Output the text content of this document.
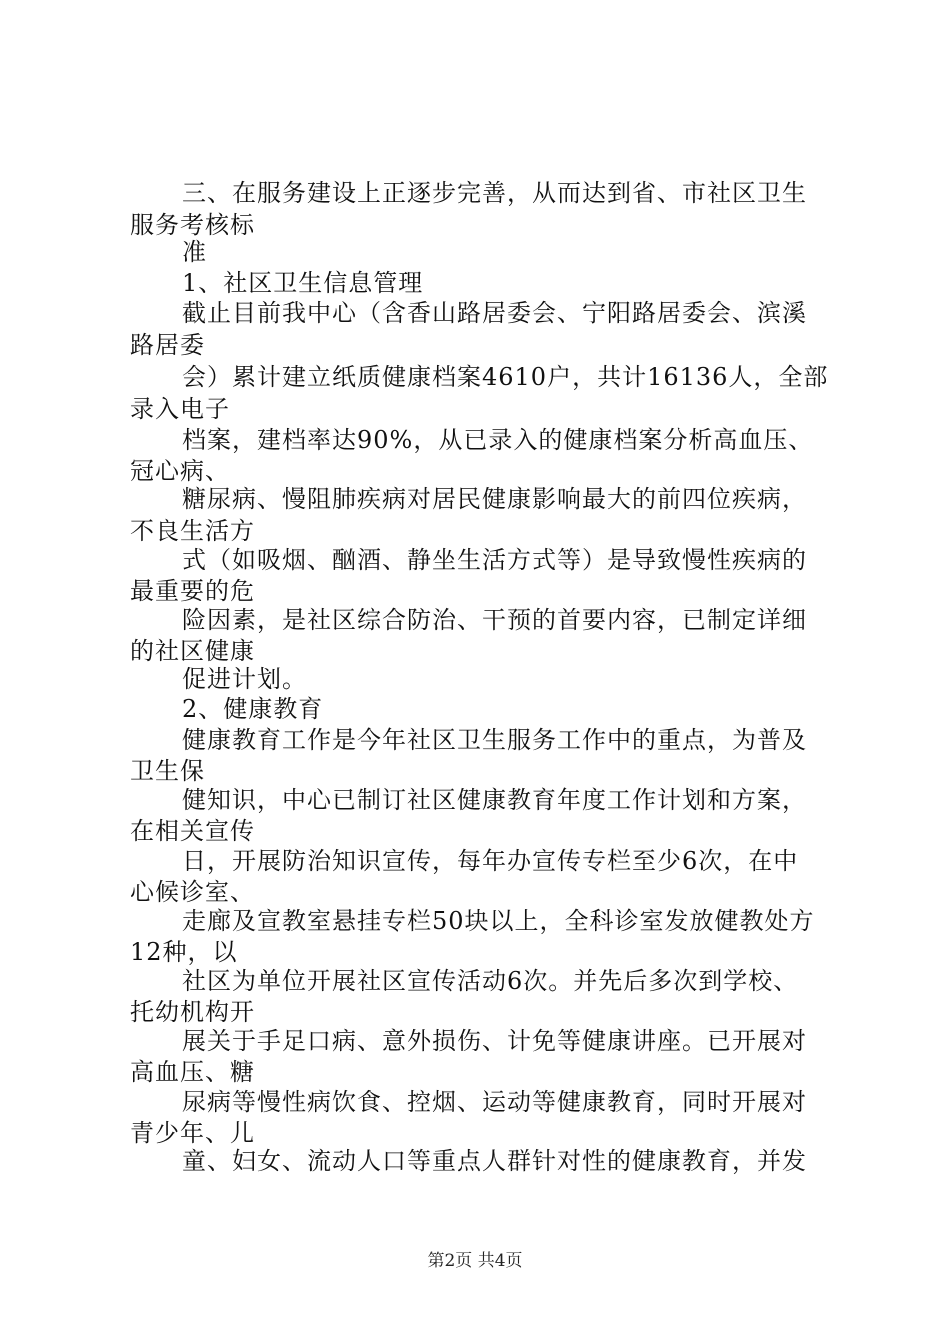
三、在服务建设上正逐步完善，从而达到省、市社区卫生
服务考核标
准
1、社区卫生信息管理
截止目前我中心（含香山路居委会、宁阳路居委会、滨溪
路居委
会）累计建立纸质健康档案4610户，共计16136人，全部
录入电子
档案，建档率达90%，从已录入的健康档案分析高血压、
冠心病、
糖尿病、慢阻肺疾病对居民健康影响最大的前四位疾病，
不良生活方
式（如吸烟、酗酒、静坐生活方式等）是导致慢性疾病的
最重要的危
险因素，是社区综合防治、干预的首要内容，已制定详细
的社区健康
促进计划。
2、健康教育
健康教育工作是今年社区卫生服务工作中的重点，为普及
卫生保
健知识，中心已制订社区健康教育年度工作计划和方案，
在相关宣传
日，开展防治知识宣传，每年办宣传专栏至少6次，在中
心候诊室、
走廊及宣教室悬挂专栏50块以上，全科诊室发放健教处方
12种，以
社区为单位开展社区宣传活动6次。并先后多次到学校、
托幼机构开
展关于手足口病、意外损伤、计免等健康讲座。已开展对
高血压、糖
尿病等慢性病饮食、控烟、运动等健康教育，同时开展对
青少年、儿
童、妇女、流动人口等重点人群针对性的健康教育，并发
第2页 共4页
